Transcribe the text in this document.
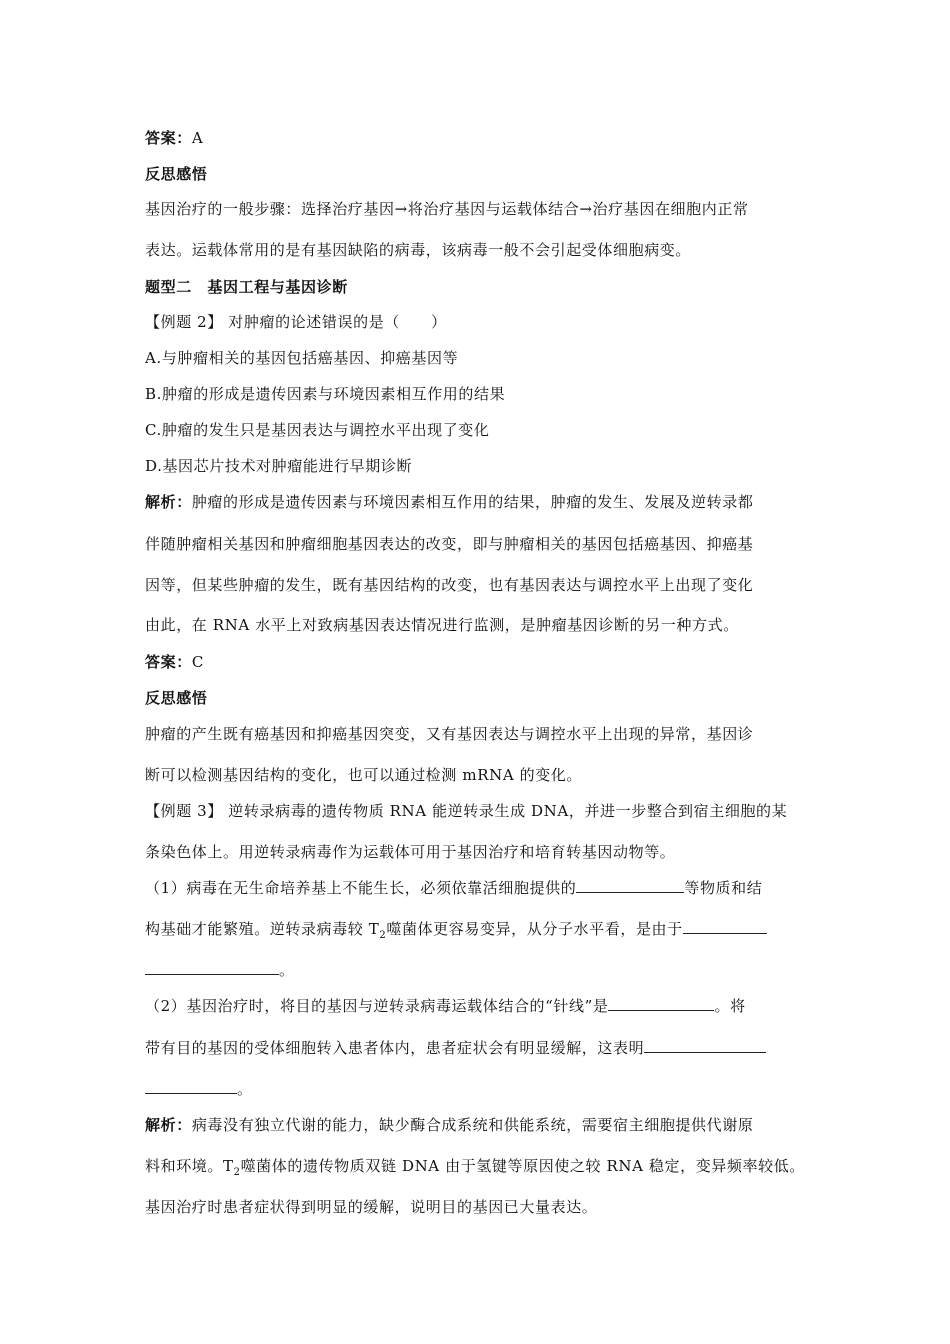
答案：A
反思感悟
基因治疗的一般步骤：选择治疗基因→将治疗基因与运载体结合→治疗基因在细胞内正常
表达。运载体常用的是有基因缺陷的病毒，该病毒一般不会引起受体细胞病变。
题型二　基因工程与基因诊断
【例题 2】 对肿瘤的论述错误的是（　　）
A.与肿瘤相关的基因包括癌基因、抑癌基因等
B.肿瘤的形成是遗传因素与环境因素相互作用的结果
C.肿瘤的发生只是基因表达与调控水平出现了变化
D.基因芯片技术对肿瘤能进行早期诊断
解析：肿瘤的形成是遗传因素与环境因素相互作用的结果，肿瘤的发生、发展及逆转录都
伴随肿瘤相关基因和肿瘤细胞基因表达的改变，即与肿瘤相关的基因包括癌基因、抑癌基
因等，但某些肿瘤的发生，既有基因结构的改变，也有基因表达与调控水平上出现了变化
由此，在 RNA 水平上对致病基因表达情况进行监测，是肿瘤基因诊断的另一种方式。
答案：C
反思感悟
肿瘤的产生既有癌基因和抑癌基因突变，又有基因表达与调控水平上出现的异常，基因诊
断可以检测基因结构的变化，也可以通过检测 mRNA 的变化。
【例题 3】 逆转录病毒的遗传物质 RNA 能逆转录生成 DNA，并进一步整合到宿主细胞的某
条染色体上。用逆转录病毒作为运载体可用于基因治疗和培育转基因动物等。
（1）病毒在无生命培养基上不能生长，必须依靠活细胞提供的	等物质和结
构基础才能繁殖。逆转录病毒较 $T_2$噬菌体更容易变异，从分子水平看，是由于
。
（2）基因治疗时，将目的基因与逆转录病毒运载体结合的“针线”是	。将
带有目的基因的受体细胞转入患者体内，患者症状会有明显缓解，这表明
。
解析：病毒没有独立代谢的能力，缺少酶合成系统和供能系统，需要宿主细胞提供代谢原
料和环境。$T_2$噬菌体的遗传物质双链 DNA 由于氢键等原因使之较 RNA 稳定，变异频率较低。
基因治疗时患者症状得到明显的缓解，说明目的基因已大量表达。
